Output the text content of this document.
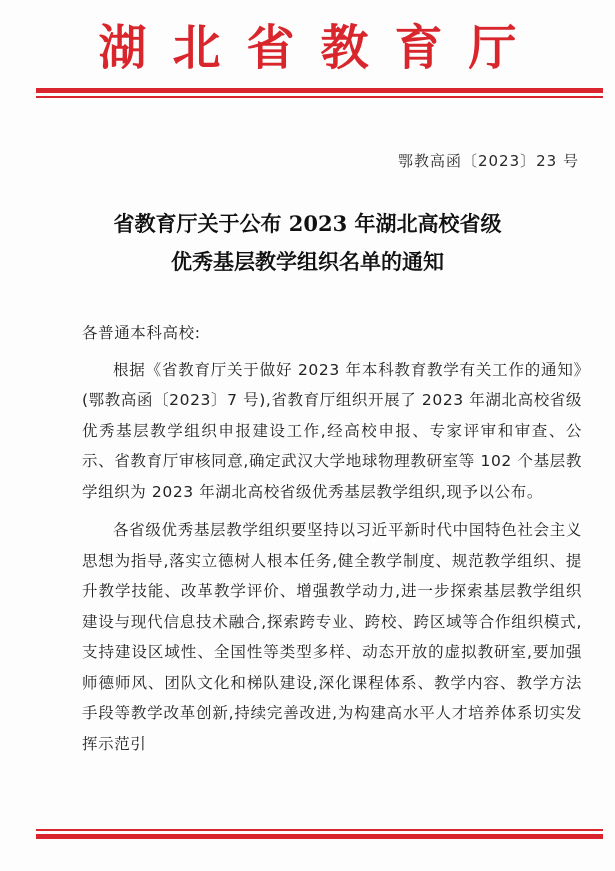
湖北省教育厅
鄂教高函〔2023〕23 号
省教育厅关于公布 2023 年湖北高校省级
优秀基层教学组织名单的通知

各普通本科高校:

根据《省教育厅关于做好 2023 年本科教育教学有关工作的通知》(鄂教高函〔2023〕7 号),省教育厅组织开展了 2023 年湖北高校省级优秀基层教学组织申报建设工作,经高校申报、专家评审和审查、公示、省教育厅审核同意,确定武汉大学地球物理教研室等 102 个基层教学组织为 2023 年湖北高校省级优秀基层教学组织,现予以公布。

各省级优秀基层教学组织要坚持以习近平新时代中国特色社会主义思想为指导,落实立德树人根本任务,健全教学制度、规范教学组织、提升教学技能、改革教学评价、增强教学动力,进一步探索基层教学组织建设与现代信息技术融合,探索跨专业、跨校、跨区域等合作组织模式,支持建设区域性、全国性等类型多样、动态开放的虚拟教研室,要加强师德师风、团队文化和梯队建设,深化课程体系、教学内容、教学方法手段等教学改革创新,持续完善改进,为构建高水平人才培养体系切实发挥示范引
